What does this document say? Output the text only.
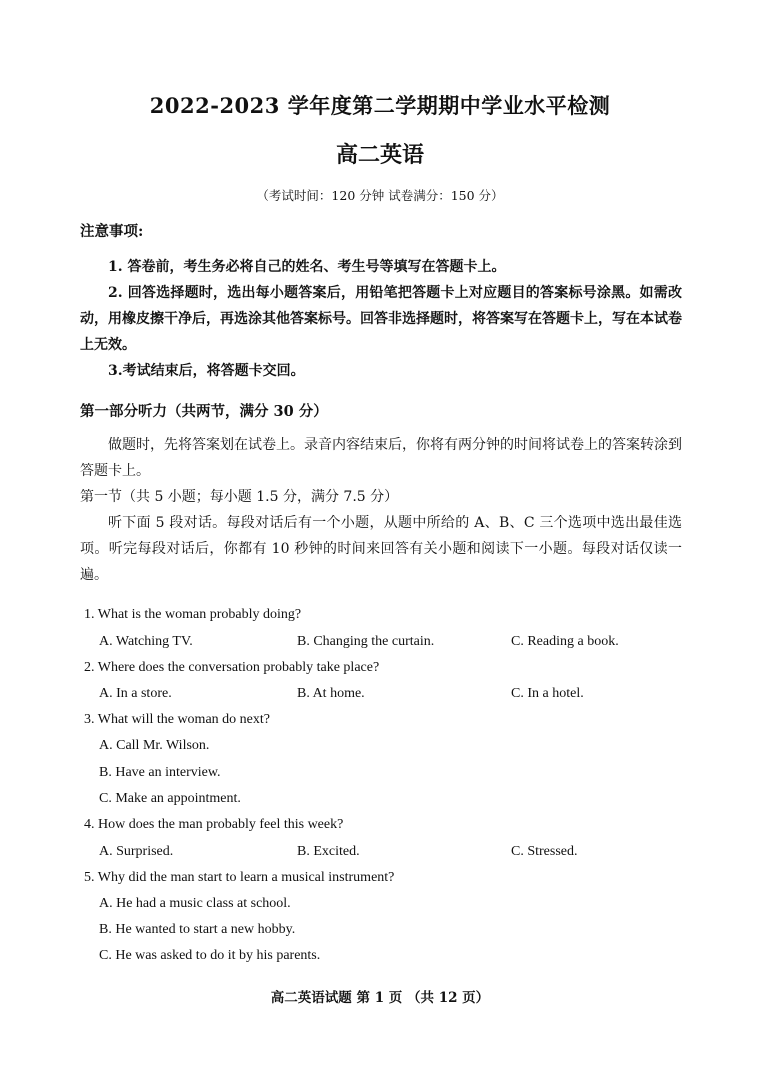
2022-2023 学年度第二学期期中学业水平检测
高二英语
（考试时间：120 分钟 试卷满分：150 分）
注意事项:

1. 答卷前，考生务必将自己的姓名、考生号等填写在答题卡上。

2. 回答选择题时，选出每小题答案后，用铅笔把答题卡上对应题目的答案标号涂黑。如需改动，用橡皮擦干净后，再选涂其他答案标号。回答非选择题时，将答案写在答题卡上，写在本试卷上无效。

3.考试结束后，将答题卡交回。

第一部分听力（共两节，满分 30 分）

做题时，先将答案划在试卷上。录音内容结束后，你将有两分钟的时间将试卷上的答案转涂到答题卡上。

第一节（共 5 小题；每小题 1.5 分，满分 7.5 分）

听下面 5 段对话。每段对话后有一个小题，从题中所给的 A、B、C 三个选项中选出最佳选项。听完每段对话后，你都有 10 秒钟的时间来回答有关小题和阅读下一小题。每段对话仅读一遍。

1. What is the woman probably doing?
A. Watching TV.	B. Changing the curtain.	C. Reading a book.
2. Where does the conversation probably take place?
A. In a store.	B. At home.	C. In a hotel.
3. What will the woman do next?
A. Call Mr. Wilson.
B. Have an interview.
C. Make an appointment.
4. How does the man probably feel this week?
A. Surprised.	B. Excited.	C. Stressed.
5. Why did the man start to learn a musical instrument?
A. He had a music class at school.
B. He wanted to start a new hobby.
C. He was asked to do it by his parents.
高二英语试题 第 1 页 （共 12 页）
